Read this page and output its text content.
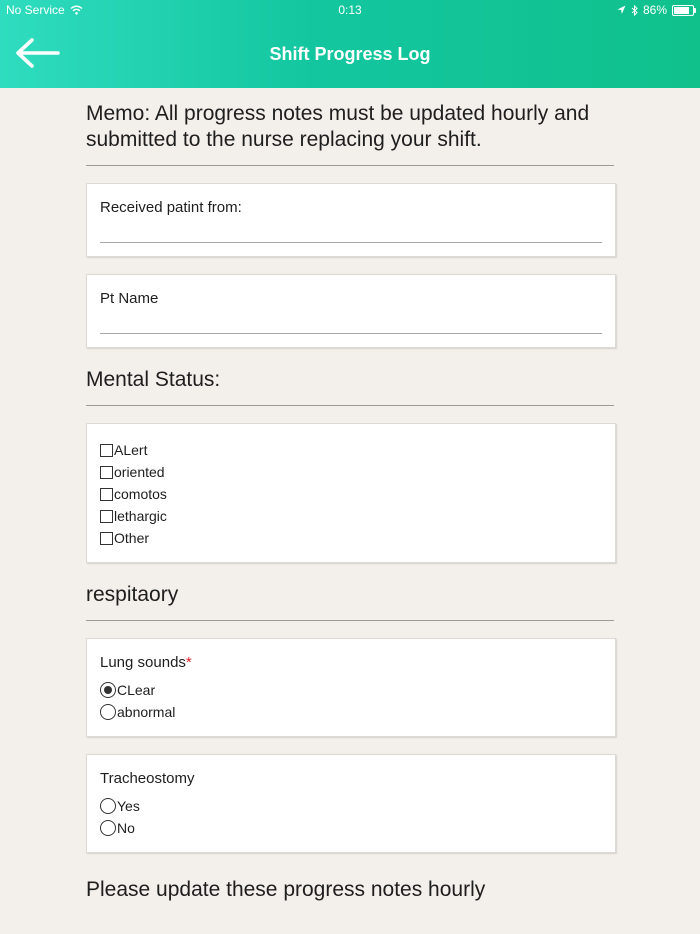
Shift Progress Log
No Service	0:13	86%
Memo: All progress notes must be updated hourly and submitted to the nurse replacing your shift.
Received patint from:
Pt Name
Mental Status:
ALert
oriented
comotos
lethargic
Other
respitaory
Lung sounds*
CLear
abnormal
Tracheostomy
Yes
No
Please update these progress notes hourly
